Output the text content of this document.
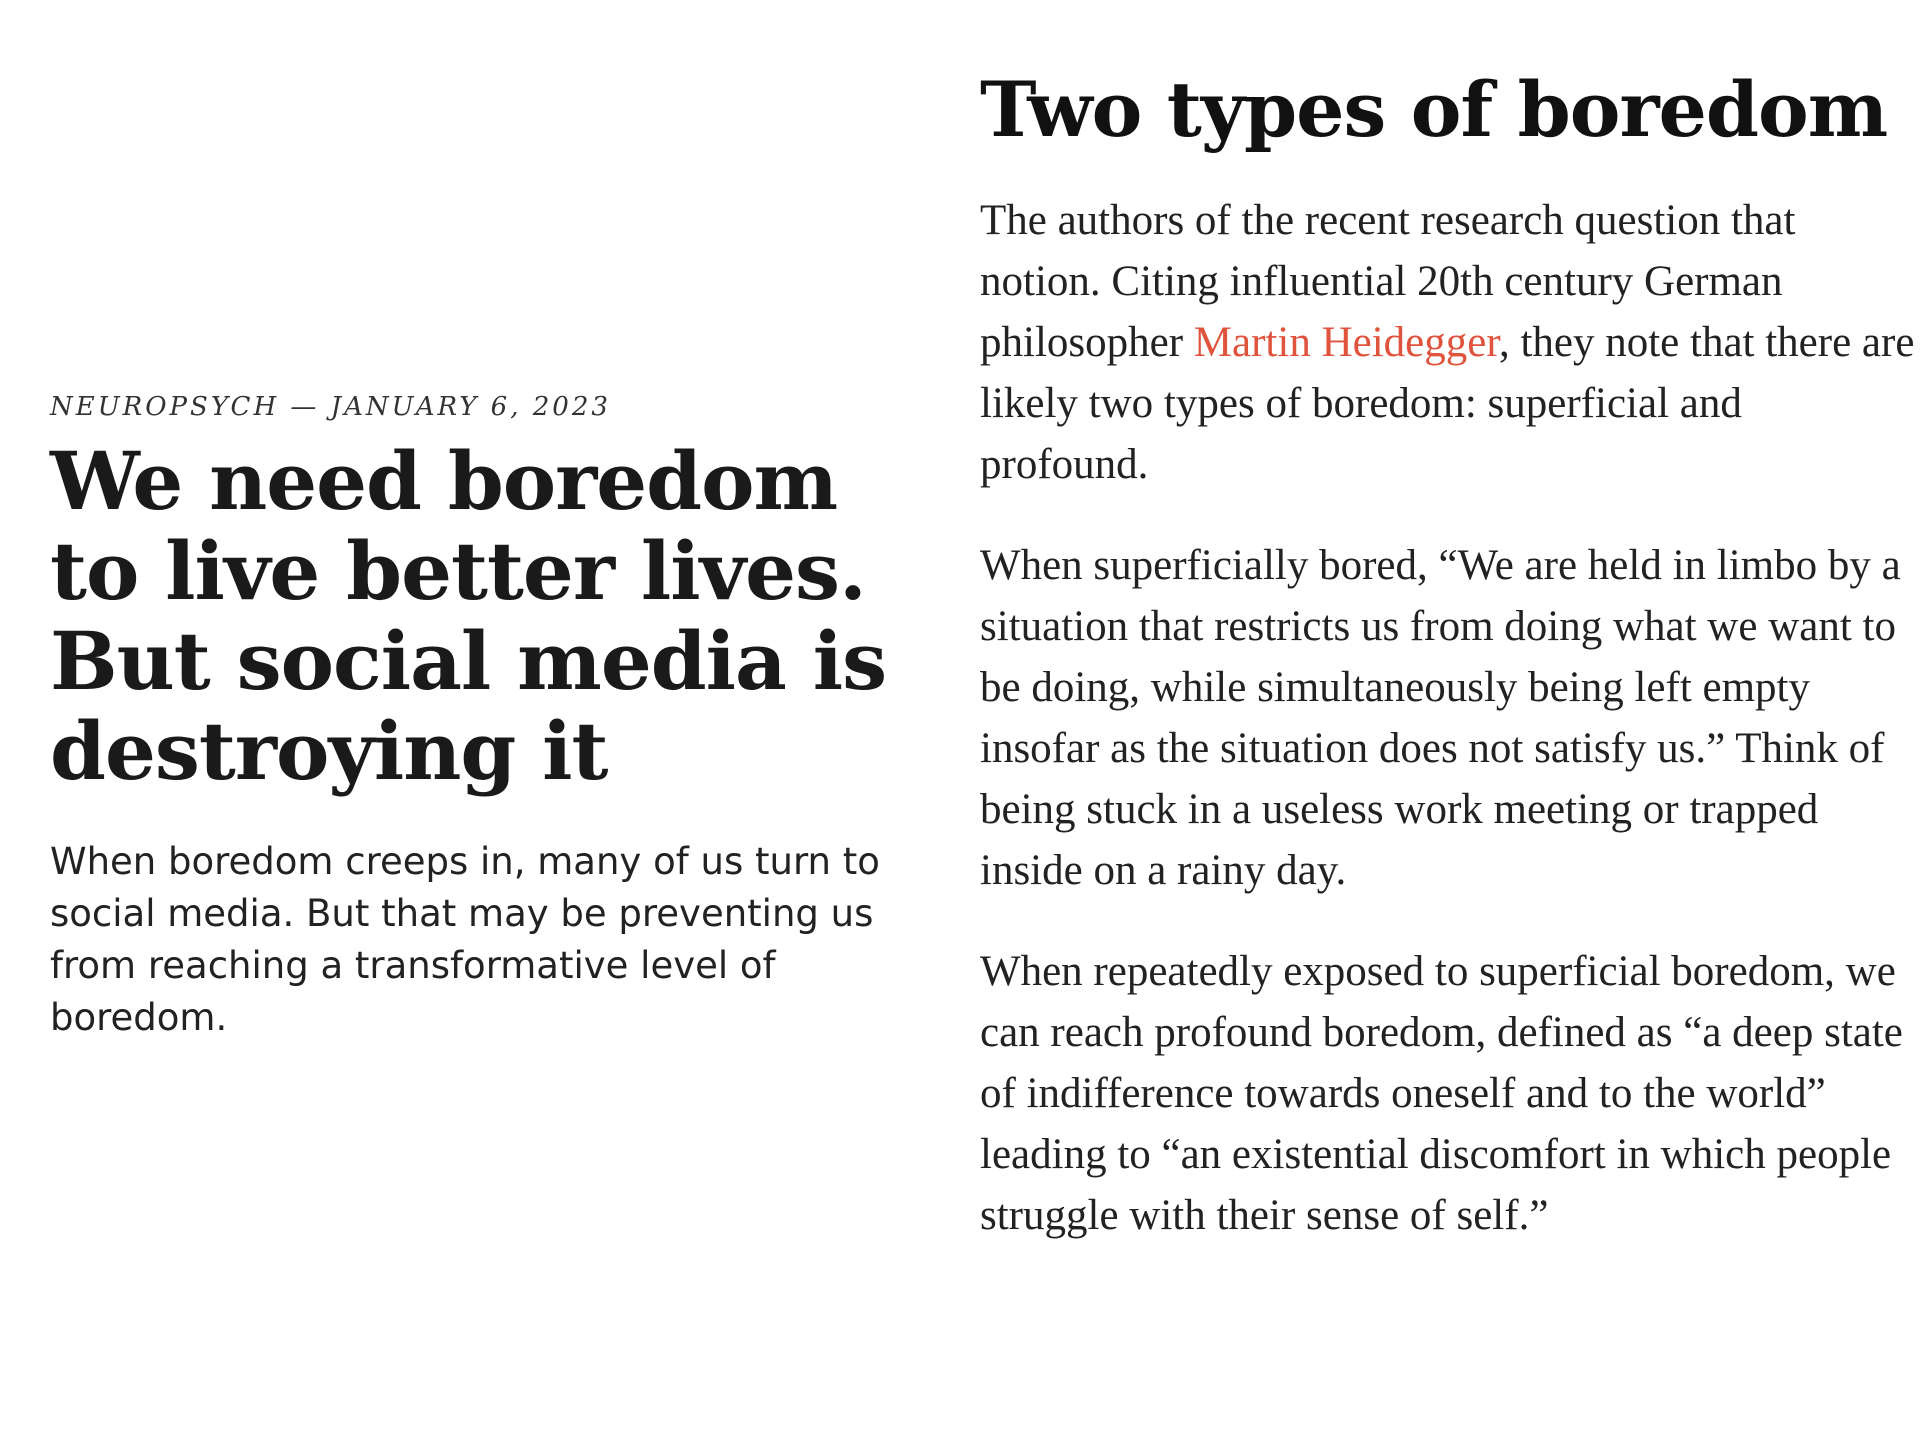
NEUROPSYCH — JANUARY 6, 2023
We need boredom to live better lives. But social media is destroying it

When boredom creeps in, many of us turn to social media. But that may be preventing us from reaching a transformative level of boredom.

Two types of boredom

The authors of the recent research question that notion. Citing influential 20th century German philosopher Martin Heidegger, they note that there are likely two types of boredom: superficial and profound.

When superficially bored, “We are held in limbo by a situation that restricts us from doing what we want to be doing, while simultaneously being left empty insofar as the situation does not satisfy us.” Think of being stuck in a useless work meeting or trapped inside on a rainy day.

When repeatedly exposed to superficial boredom, we can reach profound boredom, defined as “a deep state of indifference towards oneself and to the world” leading to “an existential discomfort in which people struggle with their sense of self.”
